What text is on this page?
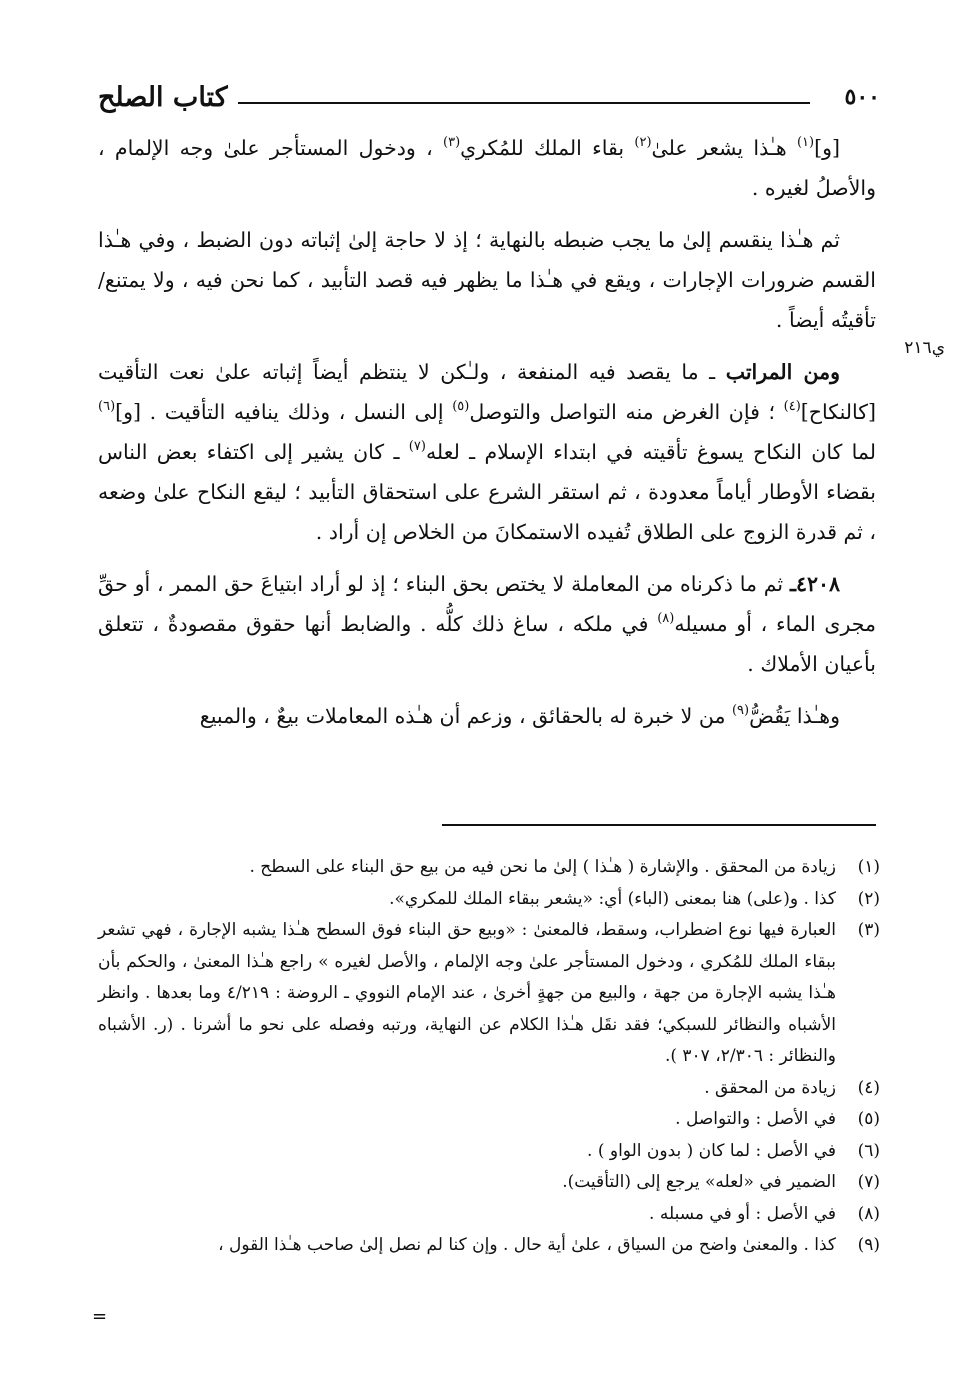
٥٠٠
كتاب الصلح
ي٢١٦

[و]$^{(١)}$ هـٰذا يشعر علىٰ$^{(٢)}$ بقاء الملك للمُكري$^{(٣)}$ ، ودخول المستأجر علىٰ وجه الإلمام ، والأصلُ لغيره .

ثم هـٰذا ينقسم إلىٰ ما يجب ضبطه بالنهاية ؛ إذ لا حاجة إلىٰ إثباته دون الضبط ، وفي هـٰذا القسم ضرورات الإجارات ، ويقع في هـٰذا ما يظهر فيه قصد التأبيد ، كما نحن فيه ، ولا يمتنع/ تأقيتُه أيضاً .

ومن المراتب ـ ما يقصد فيه المنفعة ، ولـٰكن لا ينتظم أيضاً إثباته علىٰ نعت التأقيت [كالنكاح]$^{(٤)}$ ؛ فإن الغرض منه التواصل والتوصل$^{(٥)}$ إلى النسل ، وذلك ينافيه التأقيت . [و]$^{(٦)}$ لما كان النكاح يسوغ تأقيته في ابتداء الإسلام ـ لعله$^{(٧)}$ ـ كان يشير إلى اكتفاء بعض الناس بقضاء الأوطار أياماً معدودة ، ثم استقر الشرع على استحقاق التأبيد ؛ ليقع النكاح علىٰ وضعه ، ثم قدرة الزوج على الطلاق تُفيده الاستمكانَ من الخلاص إن أراد .

٤٢٠٨ـ ثم ما ذكرناه من المعاملة لا يختص بحق البناء ؛ إذ لو أراد ابتياعَ حق الممر ، أو حقِّ مجرى الماء ، أو مسيله$^{(٨)}$ في ملكه ، ساغ ذلك كلُّه . والضابط أنها حقوق مقصودةٌ ، تتعلق بأعيان الأملاك .

وهـٰذا يَقُضُّ$^{(٩)}$ من لا خبرة له بالحقائق ، وزعم أن هـٰذه المعاملات بيعٌ ، والمبيع

(١)
زيادة من المحقق . والإشارة ( هـٰذا ) إلىٰ ما نحن فيه من بيع حق البناء على السطح .
(٢)
كذا . و(على) هنا بمعنى (الباء) أي: «يشعر ببقاء الملك للمكري».
(٣)
العبارة فيها نوع اضطراب، وسقط، فالمعنىٰ : «وبيع حق البناء فوق السطح هـٰذا يشبه الإجارة ، فهي تشعر ببقاء الملك للمُكري ، ودخول المستأجر علىٰ وجه الإلمام ، والأصل لغيره » راجع هـٰذا المعنىٰ ، والحكم بأن هـٰذا يشبه الإجارة من جهة ، والبيع من جهةٍ أخرىٰ ، عند الإمام النووي ـ الروضة : ٤/٢١٩ وما بعدها . وانظر الأشباه والنظائر للسبكي؛ فقد نقَل هـٰذا الكلام عن النهاية، ورتبه وفصله على نحو ما أشرنا . (ر. الأشباه والنظائر : ٢/٣٠٦، ٣٠٧ ).
(٤)
زيادة من المحقق .
(٥)
في الأصل : والتواصل .
(٦)
في الأصل : لما كان ( بدون الواو ) .
(٧)
الضمير في «لعله» يرجع إلى (التأقيت).
(٨)
في الأصل : أو في مسبله .
(٩)
كذا . والمعنىٰ واضح من السياق ، علىٰ أية حال . وإن كنا لم نصل إلىٰ صاحب هـٰذا القول ،
=
